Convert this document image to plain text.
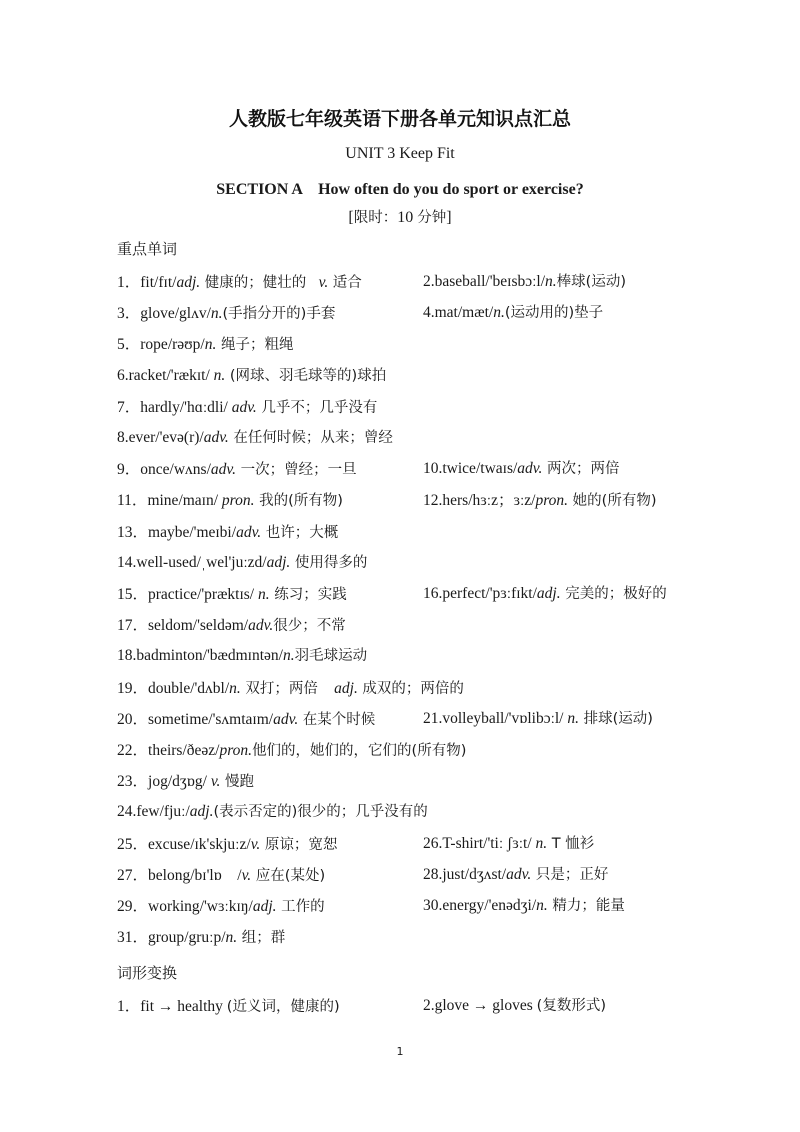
人教版七年级英语下册各单元知识点汇总
UNIT 3 Keep Fit
SECTION A　How often do you do sport or exercise?
[限时：10 分钟]
重点单词
1．fit/fɪt/adj. 健康的；健壮的   v. 适合	2.baseball/'beɪsbɔːl/n.棒球(运动)
3．glove/glʌv/n.(手指分开的)手套	4.mat/mæt/n.(运动用的)垫子
5．rope/rəʊp/n. 绳子；粗绳
6.racket/'rækɪt/ n. (网球、羽毛球等的)球拍
7．hardly/'hɑːdli/ adv. 几乎不；几乎没有
8.ever/'evə(r)/adv. 在任何时候；从来；曾经
9．once/wʌns/adv. 一次；曾经；一旦	10.twice/twaɪs/adv. 两次；两倍
11．mine/maɪn/ pron. 我的(所有物)	12.hers/hɜːz；ɜːz/pron. 她的(所有物)
13．maybe/'meɪbi/adv. 也许；大概
14.well-used/ˌwel'juːzd/adj. 使用得多的
15．practice/'præktɪs/ n. 练习；实践	16.perfect/'pɜːfɪkt/adj. 完美的；极好的
17．seldom/'seldəm/adv.很少；不常
18.badminton/'bædmɪntən/n.羽毛球运动
19．double/'dʌbl/n. 双打；两倍    adj. 成双的；两倍的
20．sometime/'sʌmtaɪm/adv. 在某个时候	21.volleyball/'vɒlibɔːl/ n. 排球(运动)
22．theirs/ðeəz/pron.他们的，她们的，它们的(所有物)
23．jog/dʒɒg/ v. 慢跑
24.few/fjuː/adj.(表示否定的)很少的；几乎没有的
25．excuse/ɪk'skjuːz/v. 原谅；宽恕	26.T-shirt/'tiː ʃɜːt/ n. T 恤衫
27．belong/bɪ'lɒ　/v. 应在(某处)	28.just/dʒʌst/adv. 只是；正好
29．working/'wɜːkɪŋ/adj. 工作的	30.energy/'enədʒi/n. 精力；能量
31．group/gruːp/n. 组；群
词形变换
1．fit → healthy (近义词，健康的)	2.glove → gloves (复数形式)
1
